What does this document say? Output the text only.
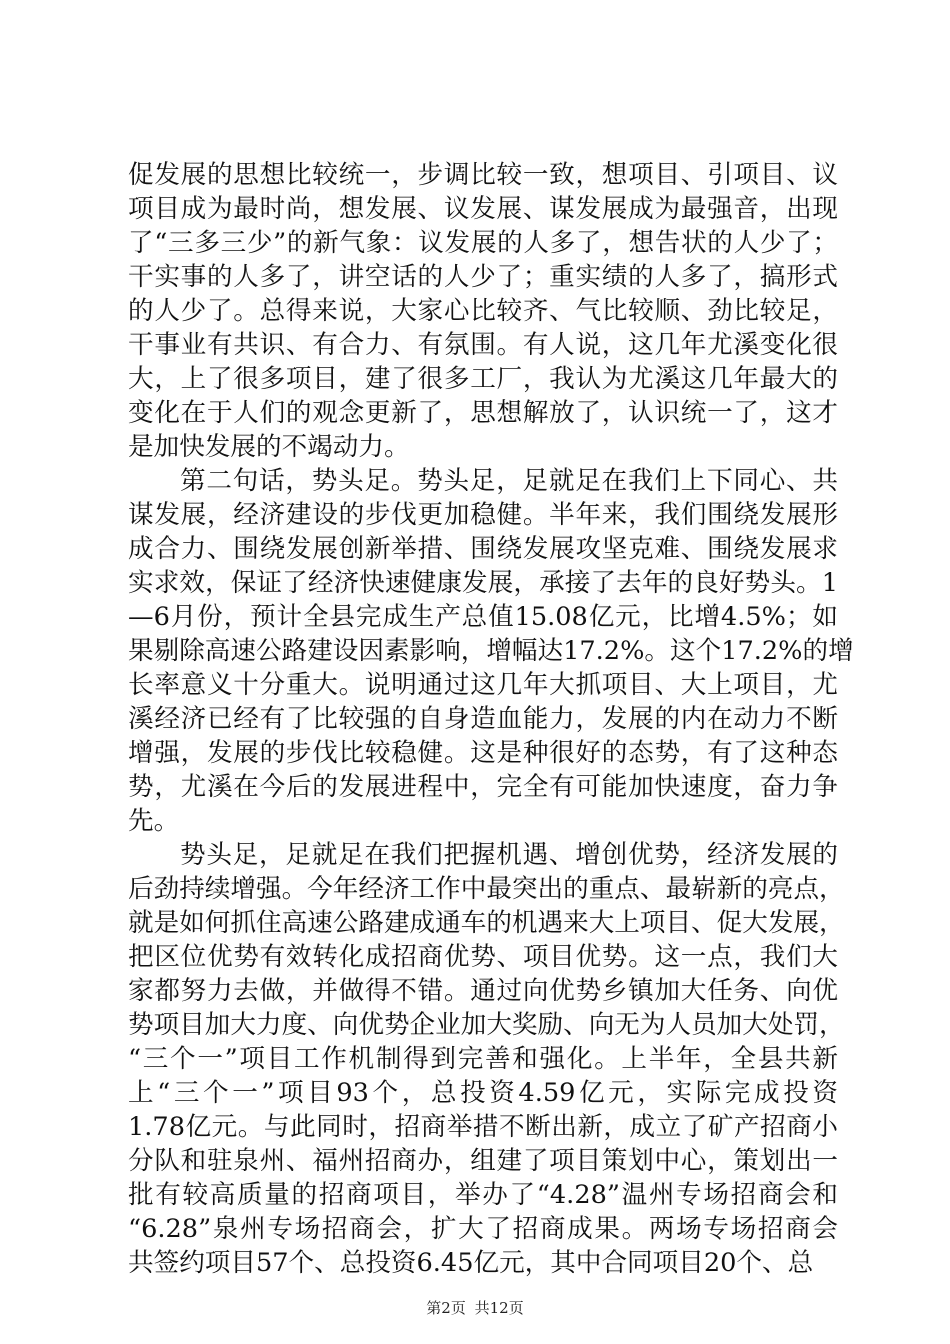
促发展的思想比较统一，步调比较一致，想项目、引项目、议
项目成为最时尚，想发展、议发展、谋发展成为最强音，出现
了“三多三少”的新气象：议发展的人多了，想告状的人少了；
干实事的人多了，讲空话的人少了；重实绩的人多了，搞形式
的人少了。总得来说，大家心比较齐、气比较顺、劲比较足，
干事业有共识、有合力、有氛围。有人说，这几年尤溪变化很
大，上了很多项目，建了很多工厂，我认为尤溪这几年最大的
变化在于人们的观念更新了，思想解放了，认识统一了，这才
是加快发展的不竭动力。
第二句话，势头足。势头足，足就足在我们上下同心、共
谋发展，经济建设的步伐更加稳健。半年来，我们围绕发展形
成合力、围绕发展创新举措、围绕发展攻坚克难、围绕发展求
实求效，保证了经济快速健康发展，承接了去年的良好势头。1
—6月份，预计全县完成生产总值15.08亿元，比增4.5%；如
果剔除高速公路建设因素影响，增幅达17.2%。这个17.2%的增
长率意义十分重大。说明通过这几年大抓项目、大上项目，尤
溪经济已经有了比较强的自身造血能力，发展的内在动力不断
增强，发展的步伐比较稳健。这是种很好的态势，有了这种态
势，尤溪在今后的发展进程中，完全有可能加快速度，奋力争
先。
势头足，足就足在我们把握机遇、增创优势，经济发展的
后劲持续增强。今年经济工作中最突出的重点、最崭新的亮点，
就是如何抓住高速公路建成通车的机遇来大上项目、促大发展，
把区位优势有效转化成招商优势、项目优势。这一点，我们大
家都努力去做，并做得不错。通过向优势乡镇加大任务、向优
势项目加大力度、向优势企业加大奖励、向无为人员加大处罚，
“三个一”项目工作机制得到完善和强化。上半年，全县共新
上“三个一”项目93个，总投资4.59亿元，实际完成投资
1.78亿元。与此同时，招商举措不断出新，成立了矿产招商小
分队和驻泉州、福州招商办，组建了项目策划中心，策划出一
批有较高质量的招商项目，举办了“4.28”温州专场招商会和
“6.28”泉州专场招商会，扩大了招商成果。两场专场招商会
共签约项目57个、总投资6.45亿元，其中合同项目20个、总
第2页 共12页
